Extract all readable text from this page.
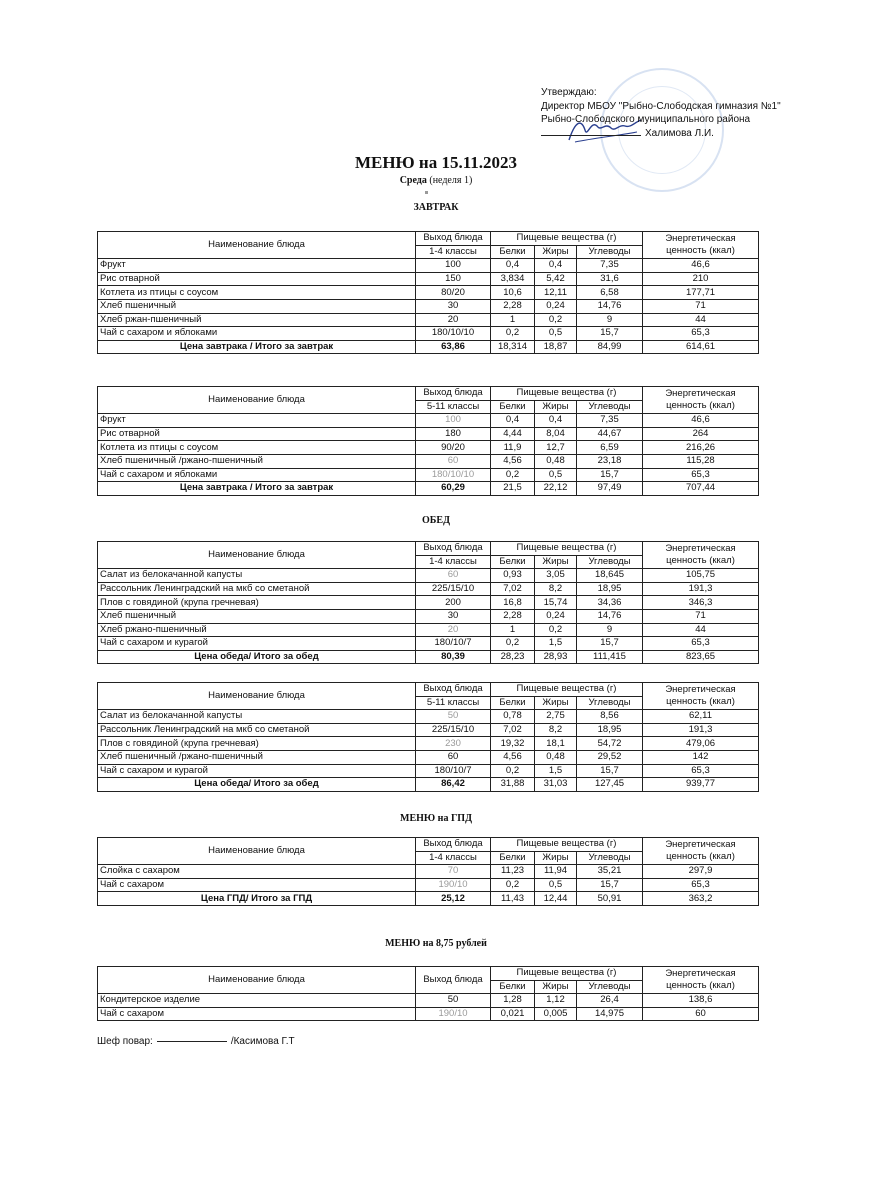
Утверждаю:
Директор МБОУ "Рыбно-Слободская гимназия №1"
Рыбно-Слободского муниципального района
Халимова Л.И.
МЕНЮ на 15.11.2023
Среда (неделя 1)
ЗАВТРАК
ОБЕД
МЕНЮ на ГПД
МЕНЮ на 8,75 рублей
Наименование блюда	Выход блюда	Пищевые вещества (г)			Энергетическая ценность (ккал)
	1-4 классы	Белки	Жиры	Углеводы	
Фрукт	100	0,4	0,4	7,35	46,6
Рис отварной	150	3,834	5,42	31,6	210
Котлета из птицы с соусом	80/20	10,6	12,11	6,58	177,71
Хлеб пшеничный	30	2,28	0,24	14,76	71
Хлеб ржан-пшеничный	20	1	0,2	9	44
Чай с сахаром и яблоками	180/10/10	0,2	0,5	15,7	65,3
Цена завтрака / Итого за завтрак	63,86	18,314	18,87	84,99	614,61
Наименование блюда	Выход блюда	Пищевые вещества (г)			Энергетическая ценность (ккал)
	5-11 классы	Белки	Жиры	Углеводы	
Фрукт	100	0,4	0,4	7,35	46,6
Рис отварной	180	4,44	8,04	44,67	264
Котлета из птицы с соусом	90/20	11,9	12,7	6,59	216,26
Хлеб пшеничный /ржано-пшеничный	60	4,56	0,48	23,18	115,28
Чай с сахаром и яблоками	180/10/10	0,2	0,5	15,7	65,3
Цена завтрака / Итого за завтрак	60,29	21,5	22,12	97,49	707,44
Наименование блюда	Выход блюда	Пищевые вещества (г)			Энергетическая ценность (ккал)
	1-4 классы	Белки	Жиры	Углеводы	
Салат из белокачанной капусты	60	0,93	3,05	18,645	105,75
Рассольник Ленинградский на мкб со сметаной	225/15/10	7,02	8,2	18,95	191,3
Плов с говядиной (крупа гречневая)	200	16,8	15,74	34,36	346,3
Хлеб пшеничный	30	2,28	0,24	14,76	71
Хлеб ржано-пшеничный	20	1	0,2	9	44
Чай с сахаром и курагой	180/10/7	0,2	1,5	15,7	65,3
Цена обеда/ Итого за обед	80,39	28,23	28,93	111,415	823,65
Наименование блюда	Выход блюда	Пищевые вещества (г)			Энергетическая ценность (ккал)
	5-11 классы	Белки	Жиры	Углеводы	
Салат из белокачанной капусты	50	0,78	2,75	8,56	62,11
Рассольник Ленинградский на мкб со сметаной	225/15/10	7,02	8,2	18,95	191,3
Плов с говядиной (крупа гречневая)	230	19,32	18,1	54,72	479,06
Хлеб пшеничный /ржано-пшеничный	60	4,56	0,48	29,52	142
Чай с сахаром и курагой	180/10/7	0,2	1,5	15,7	65,3
Цена обеда/ Итого за обед	86,42	31,88	31,03	127,45	939,77
Наименование блюда	Выход блюда	Пищевые вещества (г)			Энергетическая ценность (ккал)
	1-4 классы	Белки	Жиры	Углеводы	
Слойка с сахаром	70	11,23	11,94	35,21	297,9
Чай с сахаром	190/10	0,2	0,5	15,7	65,3
Цена ГПД/ Итого за ГПД	25,12	11,43	12,44	50,91	363,2
Наименование блюда	Выход блюда	Пищевые вещества (г)			Энергетическая ценность (ккал)
		Белки	Жиры	Углеводы	
Кондитерское изделие	50	1,28	1,12	26,4	138,6
Чай с сахаром	190/10	0,021	0,005	14,975	60
Шеф повар:	/Касимова Г.Т
